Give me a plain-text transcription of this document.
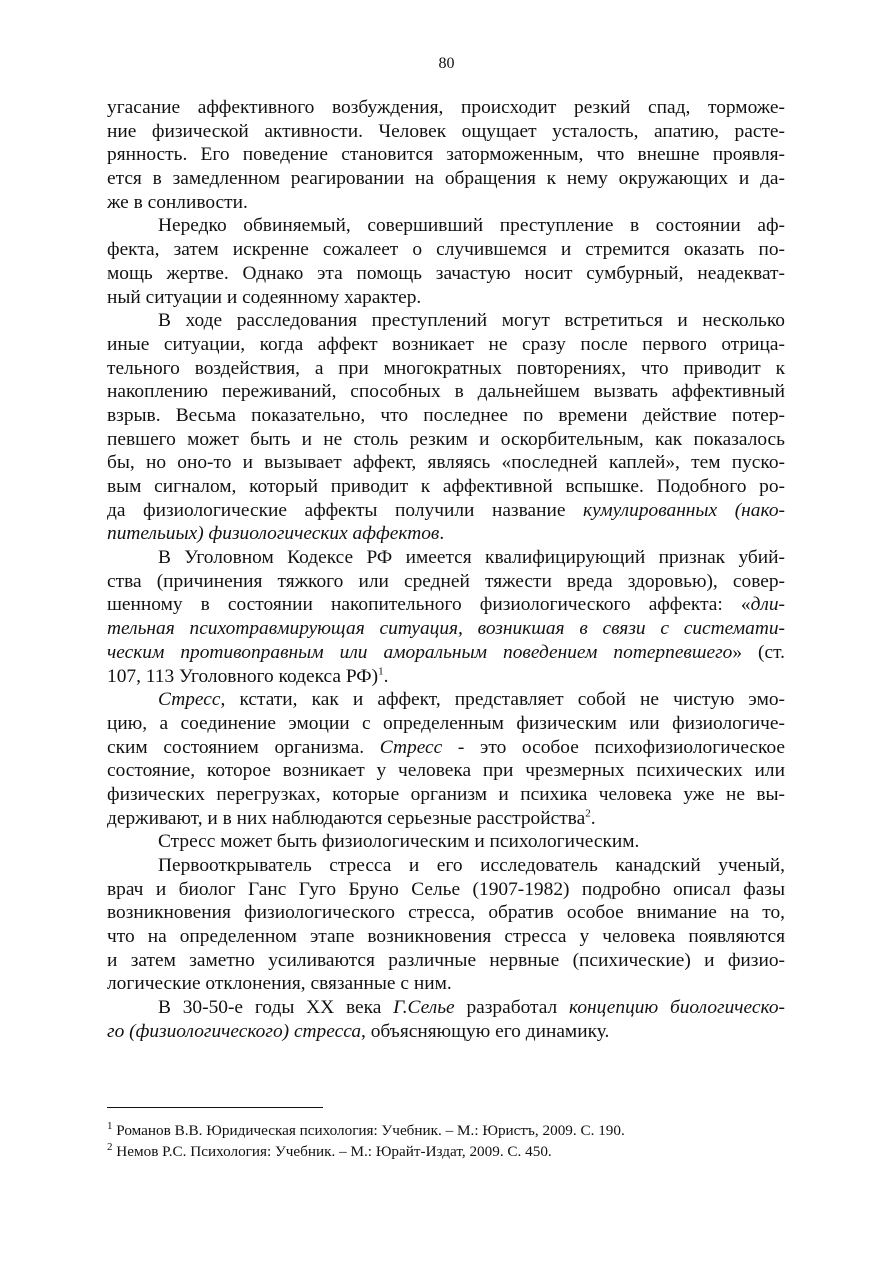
80
угасание аффективного возбуждения, происходит резкий спад, торможе-
ние физической активности. Человек ощущает усталость, апатию, расте-
рянность. Его поведение становится заторможенным, что внешне проявля-
ется в замедленном реагировании на обращения к нему окружающих и да-
же в сонливости.
Нередко обвиняемый, совершивший преступление в состоянии аф-
фекта, затем искренне сожалеет о случившемся и стремится оказать по-
мощь жертве. Однако эта помощь зачастую носит сумбурный, неадекват-
ный ситуации и содеянному характер.
В ходе расследования преступлений могут встретиться и несколько
иные ситуации, когда аффект возникает не сразу после первого отрица-
тельного воздействия, а при многократных повторениях, что приводит к
накоплению переживаний, способных в дальнейшем вызвать аффективный
взрыв. Весьма показательно, что последнее по времени действие потер-
певшего может быть и не столь резким и оскорбительным, как показалось
бы, но оно-то и вызывает аффект, являясь «последней каплей», тем пуско-
вым сигналом, который приводит к аффективной вспышке. Подобного ро-
да физиологические аффекты получили название кумулированных (нако-
пительиых) физиологических аффектов.
В Уголовном Кодексе РФ имеется квалифицирующий признак убий-
ства (причинения тяжкого или средней тяжести вреда здоровью), совер-
шенному в состоянии накопительного физиологического аффекта: «дли-
тельная психотравмирующая ситуация, возникшая в связи с системати-
ческим противоправным или аморальным поведением потерпевшего» (ст.
107, 113 Уголовного кодекса РФ)$^1$.
Стресс, кстати, как и аффект, представляет собой не чистую эмо-
цию, а соединение эмоции с определенным физическим или физиологиче-
ским состоянием организма. Стресс - это особое психофизиологическое
состояние, которое возникает у человека при чрезмерных психических или
физических перегрузках, которые организм и психика человека уже не вы-
держивают, и в них наблюдаются серьезные расстройства$^2$.
Стресс может быть физиологическим и психологическим.
Первооткрыватель стресса и его исследователь канадский ученый,
врач и биолог Ганс Гуго Бруно Селье (1907-1982) подробно описал фазы
возникновения физиологического стресса, обратив особое внимание на то,
что на определенном этапе возникновения стресса у человека появляются
и затем заметно усиливаются различные нервные (психические) и физио-
логические отклонения, связанные с ним.
В 30-50-е годы XX века Г.Селье разработал концепцию биологическо-
го (физиологического) стресса, объясняющую его динамику.
$^1$ Романов В.В. Юридическая психология: Учебник. – М.: Юристъ, 2009. С. 190.
$^2$ Немов Р.С. Психология: Учебник. – М.: Юрайт-Издат, 2009. С. 450.
